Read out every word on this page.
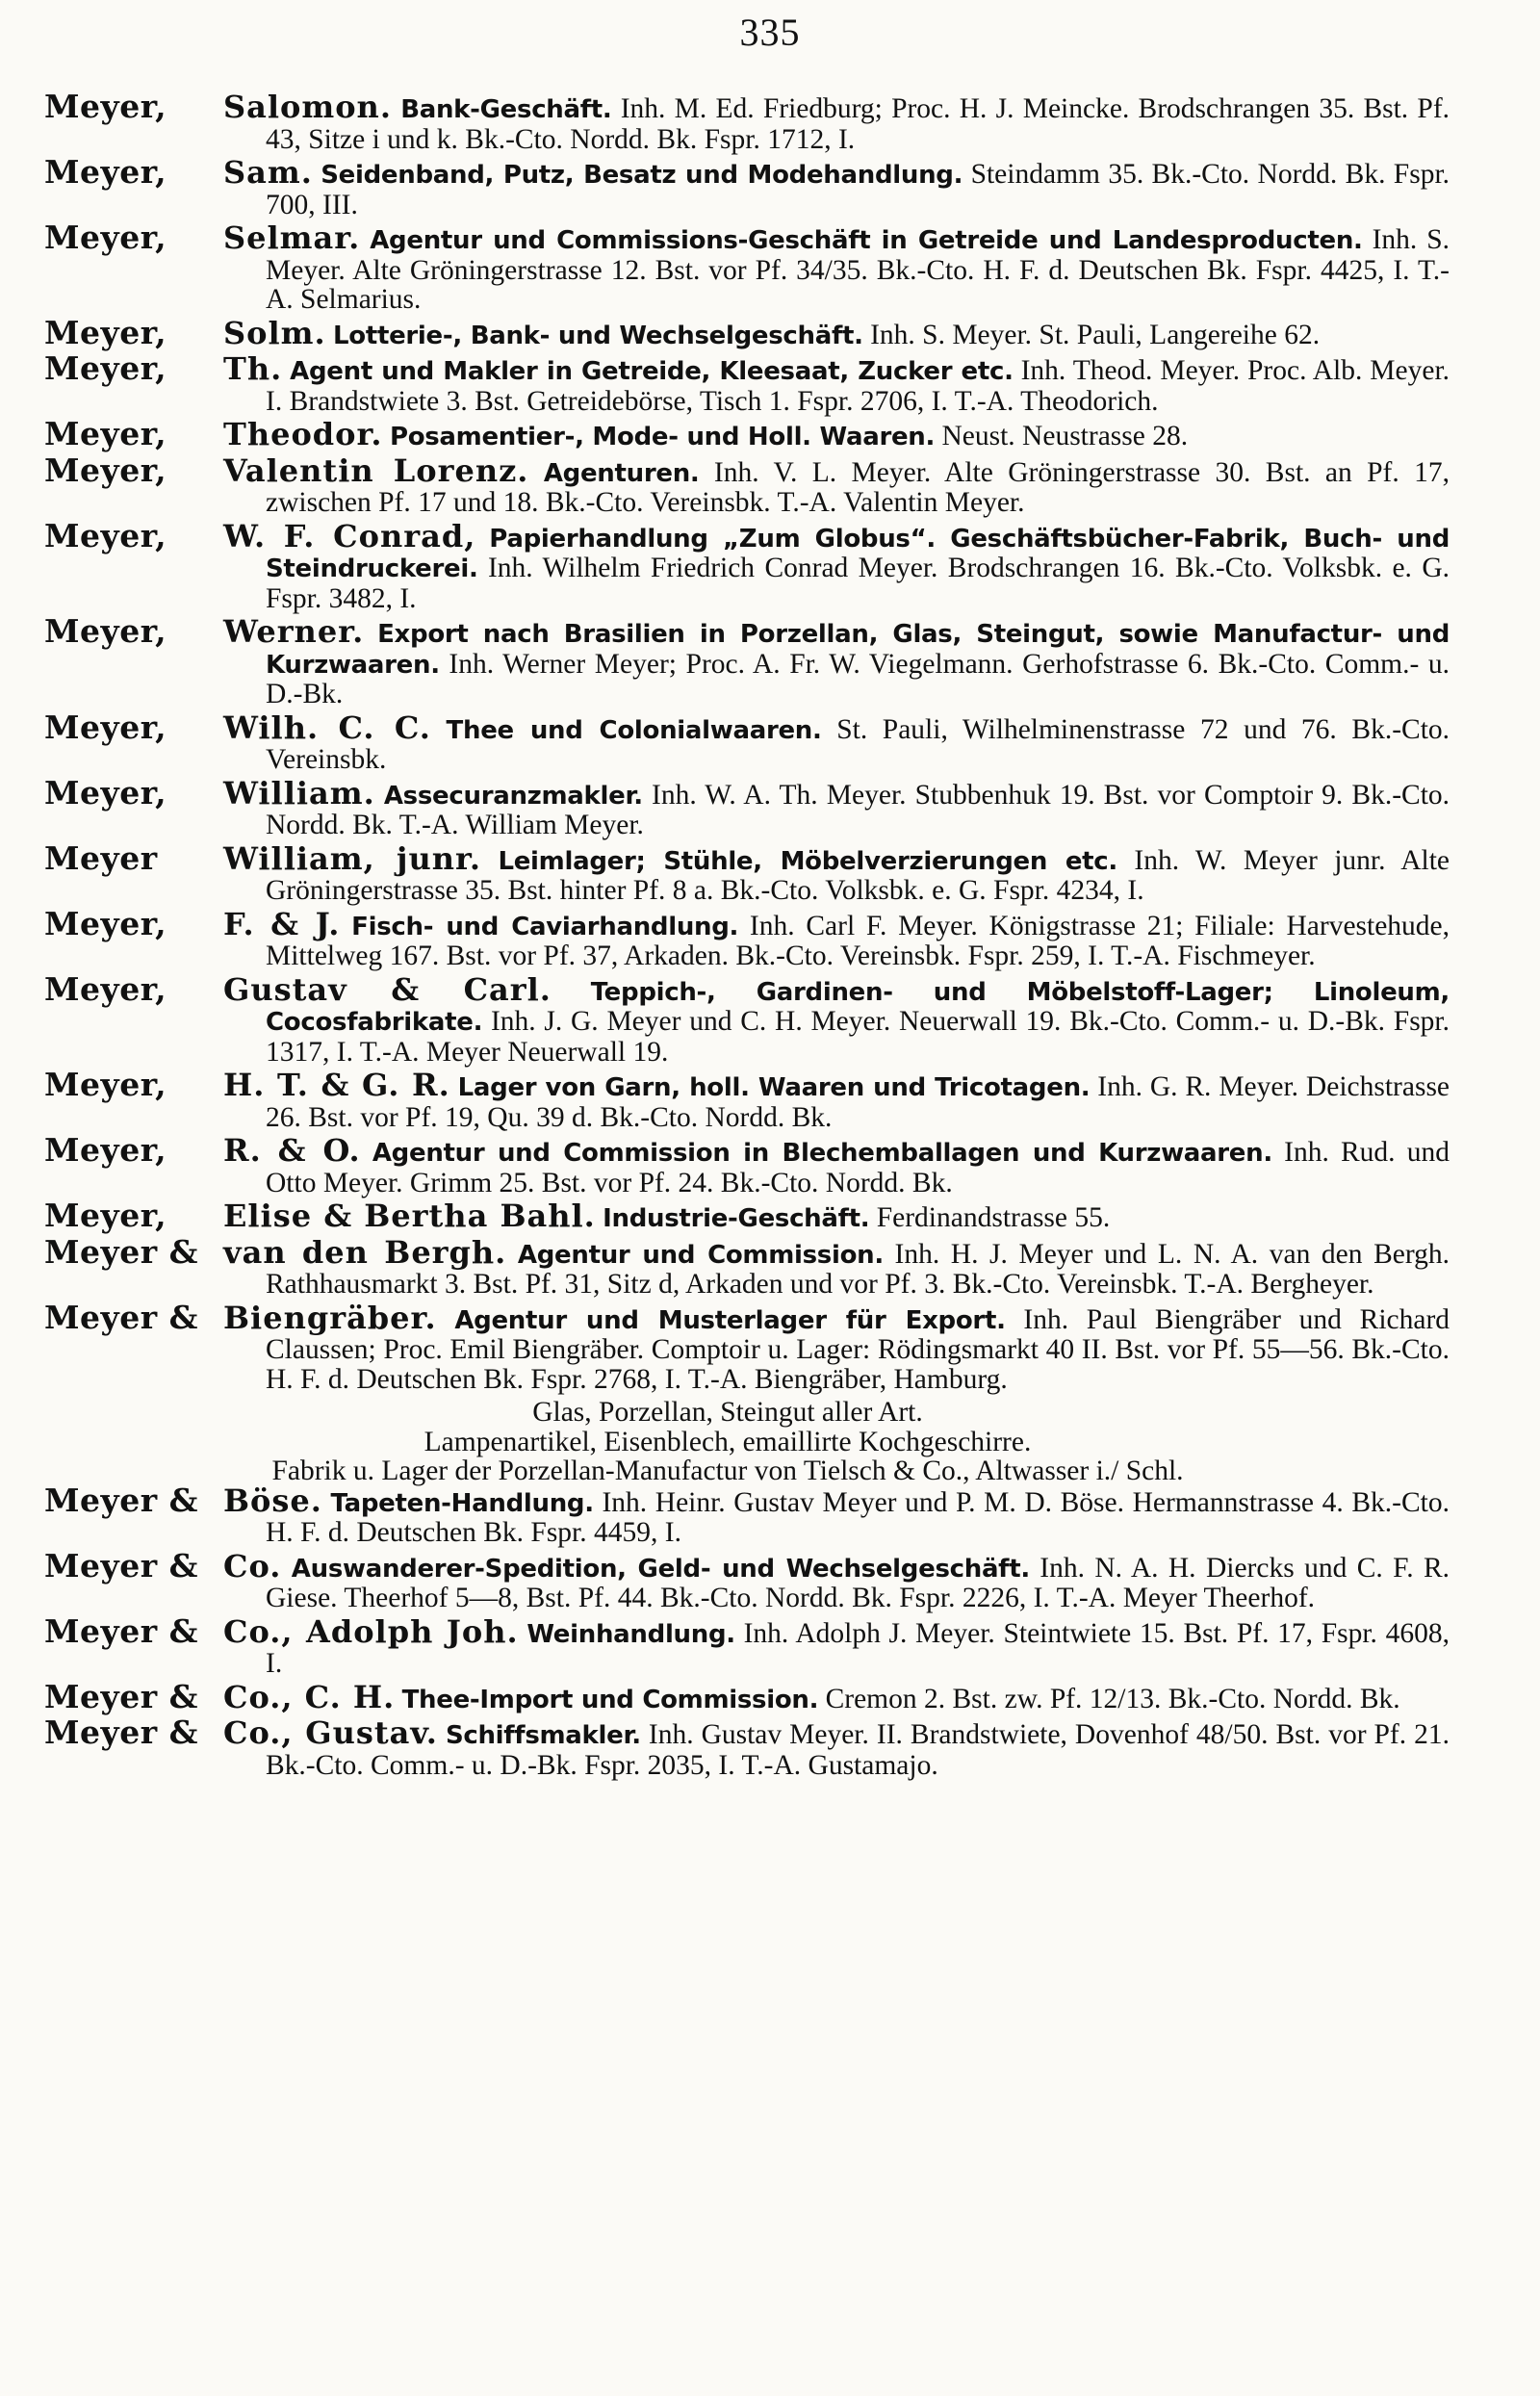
335
Meyer, Salomon. Bank-Geschäft. Inh. M. Ed. Friedburg; Proc. H. J. Meincke. Brodschrangen 35. Bst. Pf. 43, Sitze i und k. Bk.-Cto. Nordd. Bk. Fspr. 1712, I.
Meyer, Sam. Seidenband, Putz, Besatz und Modehandlung. Steindamm 35. Bk.-Cto. Nordd. Bk. Fspr. 700, III.
Meyer, Selmar. Agentur und Commissions-Geschäft in Getreide und Landesproducten. Inh. S. Meyer. Alte Gröningerstrasse 12. Bst. vor Pf. 34/35. Bk.-Cto. H. F. d. Deutschen Bk. Fspr. 4425, I. T.-A. Selmarius.
Meyer, Solm. Lotterie-, Bank- und Wechselgeschäft. Inh. S. Meyer. St. Pauli, Langereihe 62.
Meyer, Th. Agent und Makler in Getreide, Kleesaat, Zucker etc. Inh. Theod. Meyer. Proc. Alb. Meyer. I. Brandstwiete 3. Bst. Getreidebörse, Tisch 1. Fspr. 2706, I. T.-A. Theodorich.
Meyer, Theodor. Posamentier-, Mode- und Holl. Waaren. Neust. Neustrasse 28.
Meyer, Valentin Lorenz. Agenturen. Inh. V. L. Meyer. Alte Gröningerstrasse 30. Bst. an Pf. 17, zwischen Pf. 17 und 18. Bk.-Cto. Vereinsbk. T.-A. Valentin Meyer.
Meyer, W. F. Conrad, Papierhandlung „Zum Globus“. Geschäftsbücher-Fabrik, Buch- und Steindruckerei. Inh. Wilhelm Friedrich Conrad Meyer. Brodschrangen 16. Bk.-Cto. Volksbk. e. G. Fspr. 3482, I.
Meyer, Werner. Export nach Brasilien in Porzellan, Glas, Steingut, sowie Manufactur- und Kurzwaaren. Inh. Werner Meyer; Proc. A. Fr. W. Viegelmann. Gerhofstrasse 6. Bk.-Cto. Comm.- u. D.-Bk.
Meyer, Wilh. C. C. Thee und Colonialwaaren. St. Pauli, Wilhelminenstrasse 72 und 76. Bk.-Cto. Vereinsbk.
Meyer, William. Assecuranzmakler. Inh. W. A. Th. Meyer. Stubbenhuk 19. Bst. vor Comptoir 9. Bk.-Cto. Nordd. Bk. T.-A. William Meyer.
Meyer William, junr. Leimlager; Stühle, Möbelverzierungen etc. Inh. W. Meyer junr. Alte Gröningerstrasse 35. Bst. hinter Pf. 8 a. Bk.-Cto. Volksbk. e. G. Fspr. 4234, I.
Meyer, F. & J. Fisch- und Caviarhandlung. Inh. Carl F. Meyer. Königstrasse 21; Filiale: Harvestehude, Mittelweg 167. Bst. vor Pf. 37, Arkaden. Bk.-Cto. Vereinsbk. Fspr. 259, I. T.-A. Fischmeyer.
Meyer, Gustav & Carl. Teppich-, Gardinen- und Möbelstoff-Lager; Linoleum, Cocosfabrikate. Inh. J. G. Meyer und C. H. Meyer. Neuerwall 19. Bk.-Cto. Comm.- u. D.-Bk. Fspr. 1317, I. T.-A. Meyer Neuerwall 19.
Meyer, H. T. & G. R. Lager von Garn, holl. Waaren und Tricotagen. Inh. G. R. Meyer. Deichstrasse 26. Bst. vor Pf. 19, Qu. 39 d. Bk.-Cto. Nordd. Bk.
Meyer, R. & O. Agentur und Commission in Blechemballagen und Kurzwaaren. Inh. Rud. und Otto Meyer. Grimm 25. Bst. vor Pf. 24. Bk.-Cto. Nordd. Bk.
Meyer, Elise & Bertha Bahl. Industrie-Geschäft. Ferdinandstrasse 55.
Meyer & van den Bergh. Agentur und Commission. Inh. H. J. Meyer und L. N. A. van den Bergh. Rathhausmarkt 3. Bst. Pf. 31, Sitz d, Arkaden und vor Pf. 3. Bk.-Cto. Vereinsbk. T.-A. Bergheyer.
Meyer & Biengräber. Agentur und Musterlager für Export. Inh. Paul Biengräber und Richard Claussen; Proc. Emil Biengräber. Comptoir u. Lager: Rödingsmarkt 40 II. Bst. vor Pf. 55—56. Bk.-Cto. H. F. d. Deutschen Bk. Fspr. 2768, I. T.-A. Biengräber, Hamburg.
Glas, Porzellan, Steingut aller Art.
Lampenartikel, Eisenblech, emaillirte Kochgeschirre.
Fabrik u. Lager der Porzellan-Manufactur von Tielsch & Co., Altwasser i./ Schl.
Meyer & Böse. Tapeten-Handlung. Inh. Heinr. Gustav Meyer und P. M. D. Böse. Hermannstrasse 4. Bk.-Cto. H. F. d. Deutschen Bk. Fspr. 4459, I.
Meyer & Co. Auswanderer-Spedition, Geld- und Wechselgeschäft. Inh. N. A. H. Diercks und C. F. R. Giese. Theerhof 5—8, Bst. Pf. 44. Bk.-Cto. Nordd. Bk. Fspr. 2226, I. T.-A. Meyer Theerhof.
Meyer & Co., Adolph Joh. Weinhandlung. Inh. Adolph J. Meyer. Steintwiete 15. Bst. Pf. 17, Fspr. 4608, I.
Meyer & Co., C. H. Thee-Import und Commission. Cremon 2. Bst. zw. Pf. 12/13. Bk.-Cto. Nordd. Bk.
Meyer & Co., Gustav. Schiffsmakler. Inh. Gustav Meyer. II. Brandstwiete, Dovenhof 48/50. Bst. vor Pf. 21. Bk.-Cto. Comm.- u. D.-Bk. Fspr. 2035, I. T.-A. Gustamajo.
